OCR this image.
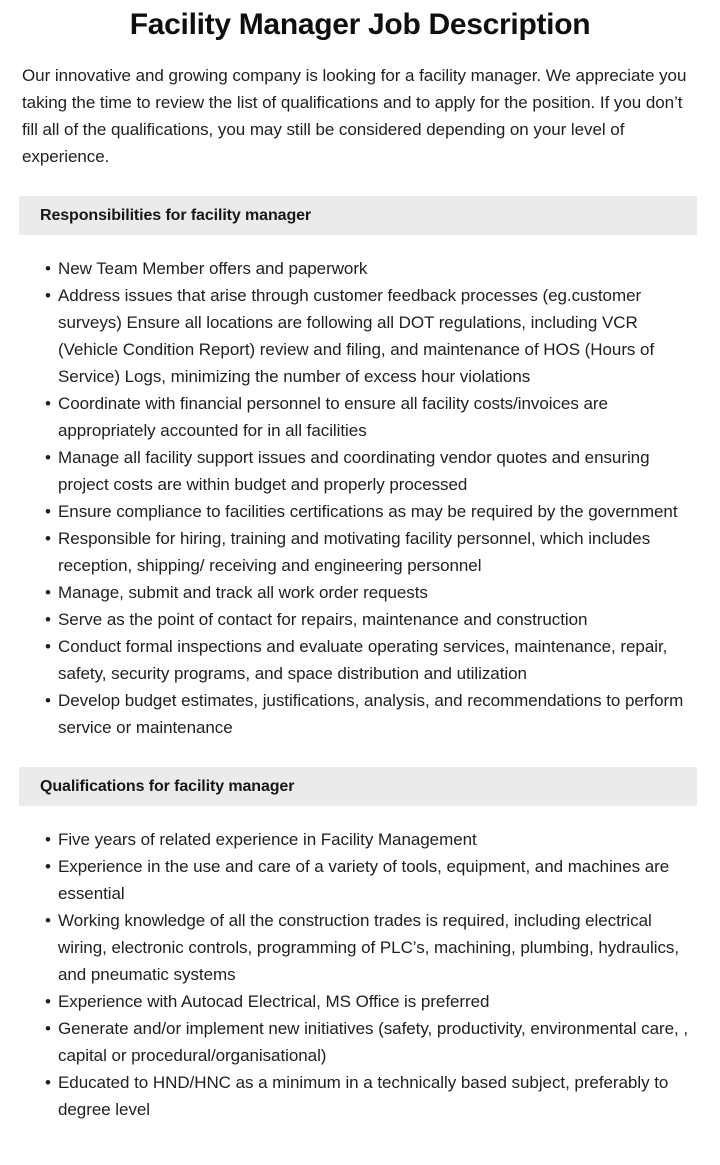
Facility Manager Job Description

Our innovative and growing company is looking for a facility manager. We appreciate you taking the time to review the list of qualifications and to apply for the position. If you don’t fill all of the qualifications, you may still be considered depending on your level of experience.

Responsibilities for facility manager
• New Team Member offers and paperwork
• Address issues that arise through customer feedback processes (eg.customer surveys) Ensure all locations are following all DOT regulations, including VCR (Vehicle Condition Report) review and filing, and maintenance of HOS (Hours of Service) Logs, minimizing the number of excess hour violations
• Coordinate with financial personnel to ensure all facility costs/invoices are appropriately accounted for in all facilities
• Manage all facility support issues and coordinating vendor quotes and ensuring project costs are within budget and properly processed
• Ensure compliance to facilities certifications as may be required by the government
• Responsible for hiring, training and motivating facility personnel, which includes reception, shipping/ receiving and engineering personnel
• Manage, submit and track all work order requests
• Serve as the point of contact for repairs, maintenance and construction
• Conduct formal inspections and evaluate operating services, maintenance, repair, safety, security programs, and space distribution and utilization
• Develop budget estimates, justifications, analysis, and recommendations to perform service or maintenance
Qualifications for facility manager
• Five years of related experience in Facility Management
• Experience in the use and care of a variety of tools, equipment, and machines are essential
• Working knowledge of all the construction trades is required, including electrical wiring, electronic controls, programming of PLC’s, machining, plumbing, hydraulics, and pneumatic systems
• Experience with Autocad Electrical, MS Office is preferred
• Generate and/or implement new initiatives (safety, productivity, environmental care, , capital or procedural/organisational)
• Educated to HND/HNC as a minimum in a technically based subject, preferably to degree level
